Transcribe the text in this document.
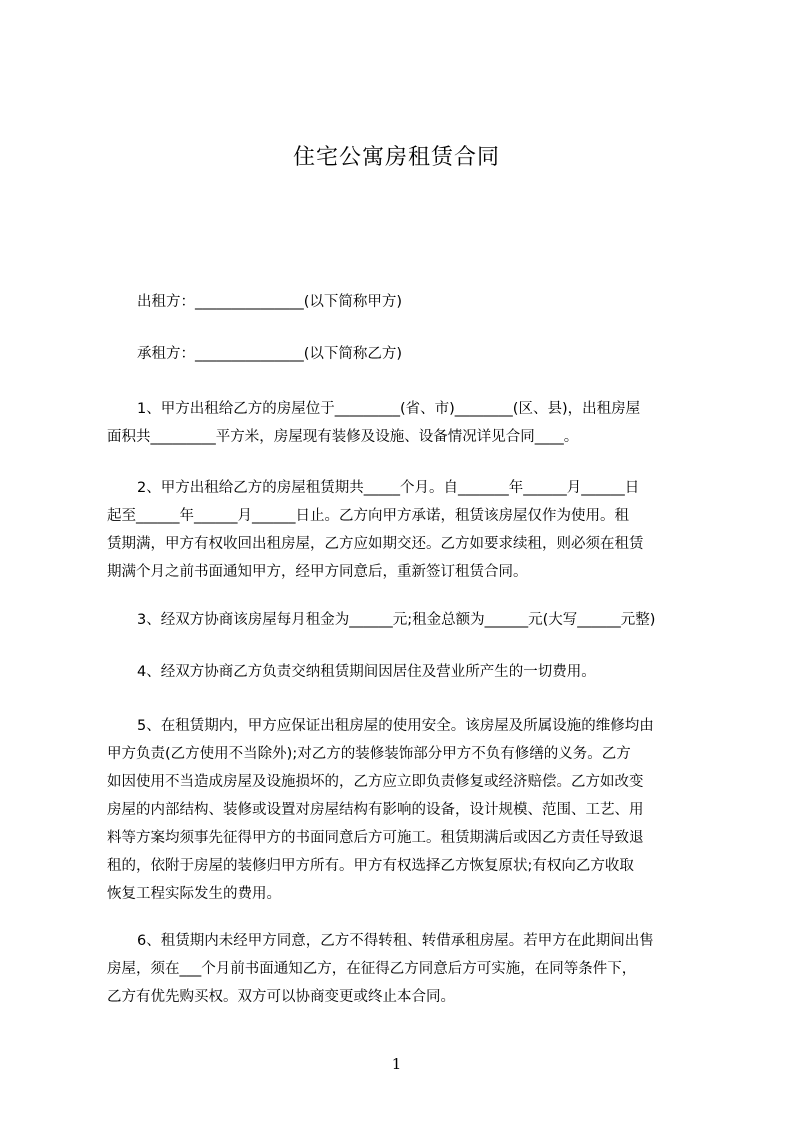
住宅公寓房租赁合同
出租方：_______________(以下简称甲方)
承租方：_______________(以下简称乙方)

1、甲方出租给乙方的房屋位于_________(省、市)________(区、县)，出租房屋

面积共_________平方米，房屋现有装修及设施、设备情况详见合同____。

2、甲方出租给乙方的房屋租赁期共_____个月。自_______年______月______日

起至______年______月______日止。乙方向甲方承诺，租赁该房屋仅作为使用。租

赁期满，甲方有权收回出租房屋，乙方应如期交还。乙方如要求续租，则必须在租赁

期满个月之前书面通知甲方，经甲方同意后，重新签订租赁合同。

3、经双方协商该房屋每月租金为______元;租金总额为______元(大写______元整)

4、经双方协商乙方负责交纳租赁期间因居住及营业所产生的一切费用。

5、在租赁期内，甲方应保证出租房屋的使用安全。该房屋及所属设施的维修均由

甲方负责(乙方使用不当除外);对乙方的装修装饰部分甲方不负有修缮的义务。乙方

如因使用不当造成房屋及设施损坏的，乙方应立即负责修复或经济赔偿。乙方如改变

房屋的内部结构、装修或设置对房屋结构有影响的设备，设计规模、范围、工艺、用

料等方案均须事先征得甲方的书面同意后方可施工。租赁期满后或因乙方责任导致退

租的，依附于房屋的装修归甲方所有。甲方有权选择乙方恢复原状;有权向乙方收取

恢复工程实际发生的费用。

6、租赁期内未经甲方同意，乙方不得转租、转借承租房屋。若甲方在此期间出售

房屋，须在___个月前书面通知乙方，在征得乙方同意后方可实施，在同等条件下，

乙方有优先购买权。双方可以协商变更或终止本合同。

1
